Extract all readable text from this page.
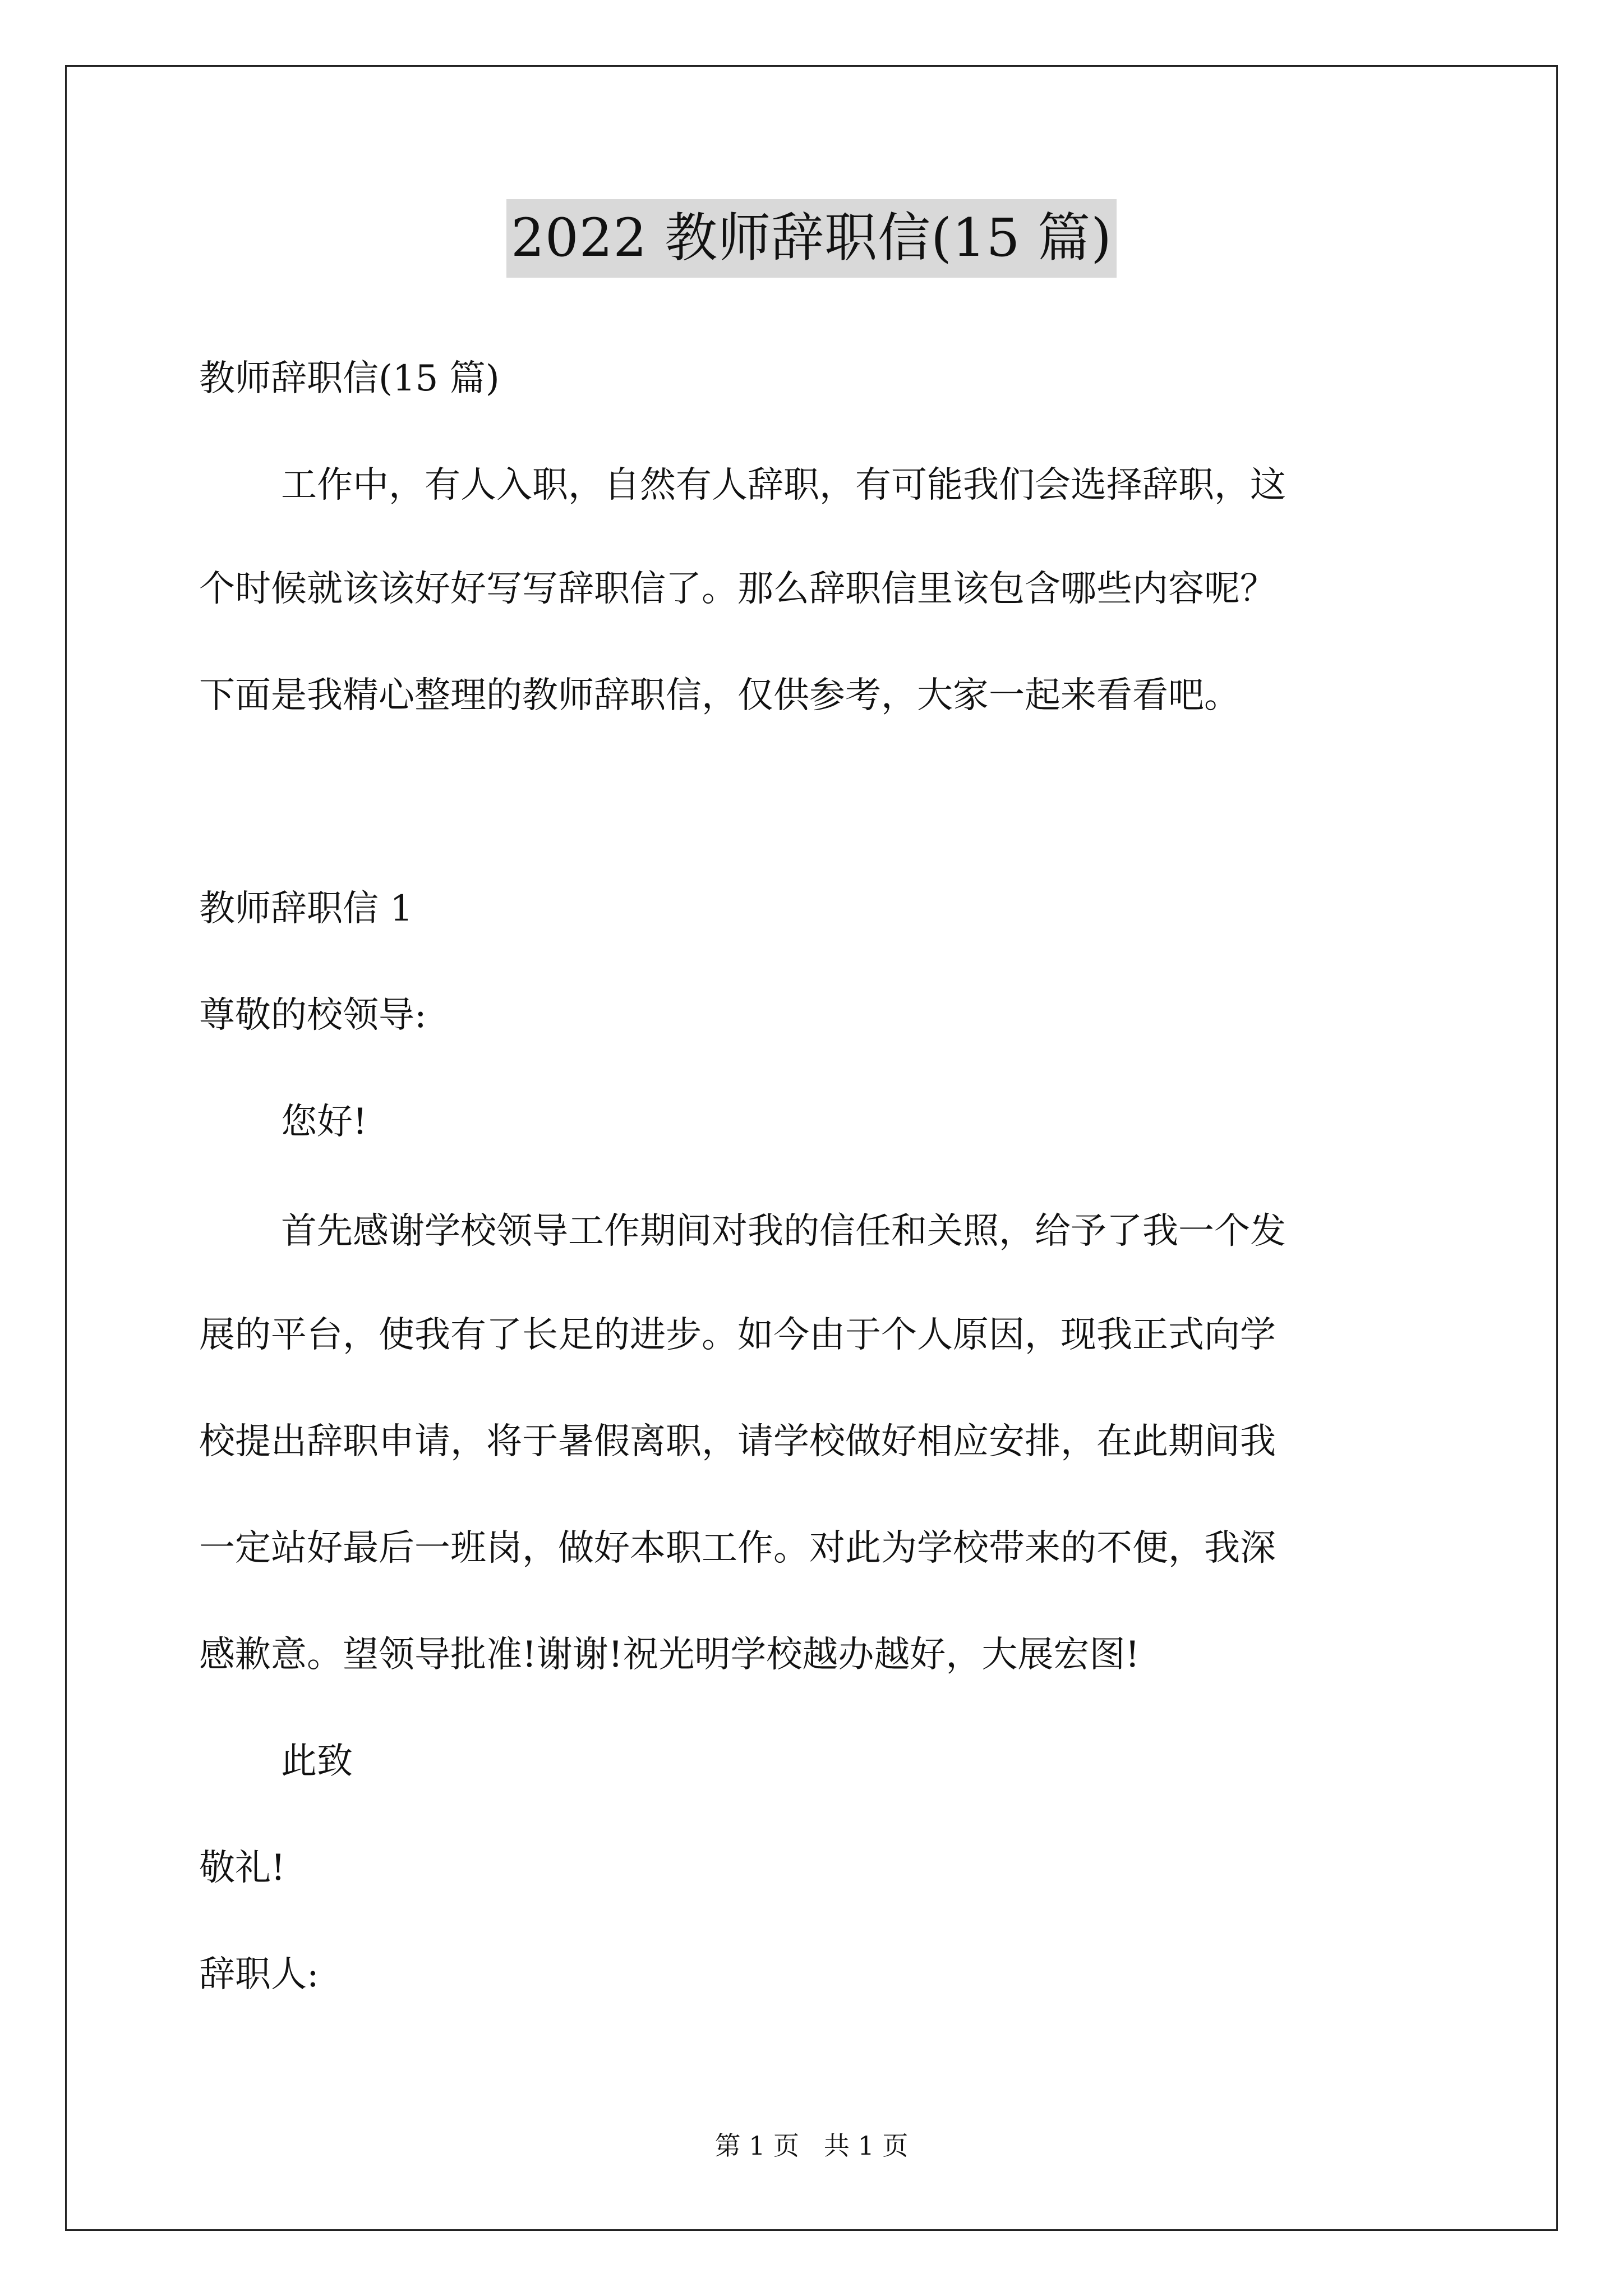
2022 教师辞职信(15 篇)
教师辞职信(15 篇)
工作中，有人入职，自然有人辞职，有可能我们会选择辞职，这
个时候就该该好好写写辞职信了。那么辞职信里该包含哪些内容呢？
下面是我精心整理的教师辞职信，仅供参考，大家一起来看看吧。
教师辞职信 1
尊敬的校领导:
您好!
首先感谢学校领导工作期间对我的信任和关照，给予了我一个发
展的平台，使我有了长足的进步。如今由于个人原因，现我正式向学
校提出辞职申请，将于暑假离职，请学校做好相应安排，在此期间我
一定站好最后一班岗，做好本职工作。对此为学校带来的不便，我深
感歉意。望领导批准!谢谢!祝光明学校越办越好，大展宏图!
此致
敬礼!
辞职人:
第 1 页   共 1 页
